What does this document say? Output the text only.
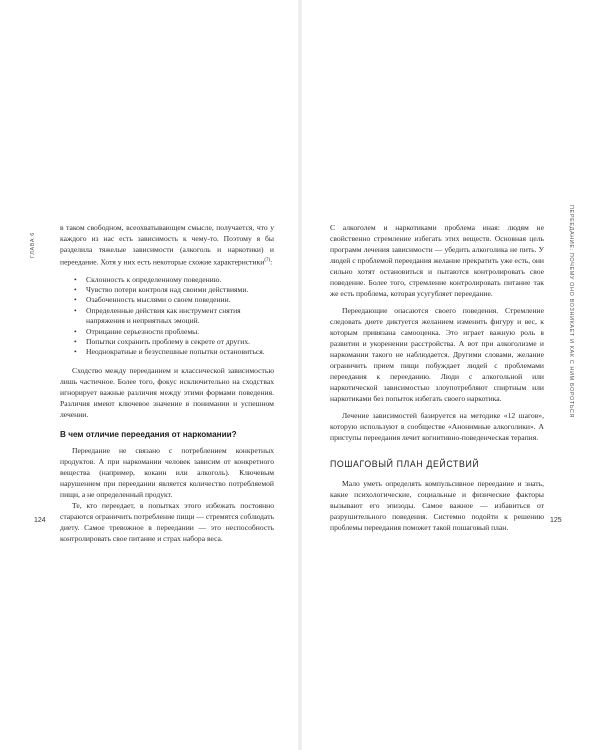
ГЛАВА 6	ПЕРЕЕДАНИЕ: ПОЧЕМУ ОНО ВОЗНИКАЕТ И КАК С НИМ БОРОТЬСЯ
124	125

в таком свободном, всеохватывающем смысле, получается, что у каждого из нас есть зависимость к чему-то. Поэтому я бы разделила тяжелые зависимости (алкоголь и наркотики) и переедание. Хотя у них есть некоторые схожие характеристики$^{(7)}$:

• Склонность к определенному поведению.
• Чувство потери контроля над своими действиями.
• Озабоченность мыслями о своем поведении.
• Определенные действия как инструмент снятия напряжения и неприятных эмоций.
• Отрицание серьезности проблемы.
• Попытки сохранить проблему в секрете от других.
• Неоднократные и безуспешные попытки остановиться.

Сходство между перееданием и классической зависимостью лишь частичное. Более того, фокус исключительно на сходствах игнорирует важные различия между этими формами поведения. Различия имеют ключевое значение в понимании и успешном лечении.

В чем отличие переедания от наркомании?

Переедание не связано с потреблением конкретных продуктов. А при наркомании человек зависим от конкретного вещества (например, кокаин или алкоголь). Ключевым нарушением при переедании является количество потребляемой пищи, а не определенный продукт.

Те, кто переедает, в попытках этого избежать постоянно стараются ограничить потребление пищи — стремятся соблюдать диету. Самое тревожное в переедании — это неспособность контролировать свое питание и страх набора веса.

С алкоголем и наркотиками проблема иная: людям не свойственно стремление избегать этих веществ. Основная цель программ лечения зависимости — убедить алкоголика не пить. У людей с проблемой переедания желание прекратить уже есть, они сильно хотят остановиться и пытаются контролировать свое поведение. Более того, стремление контролировать питание так же есть проблема, которая усугубляет переедание.

Переедающие опасаются своего поведения. Стремление следовать диете диктуется желанием изменить фигуру и вес, к которым привязана самооценка. Это играет важную роль в развитии и укоренении расстройства. А вот при алкоголизме и наркомании такого не наблюдается. Другими словами, желание ограничить прием пищи побуждает людей с проблемами переедания к перееданию. Люди с алкогольной или наркотической зависимостью злоупотребляют спиртным или наркотиками без попыток избегать своего наркотика.

Лечение зависимостей базируется на методике «12 шагов», которую используют в сообществе «Анонимные алкоголики». А приступы переедания лечит когнитивно-поведенческая терапия.

ПОШАГОВЫЙ ПЛАН ДЕЙСТВИЙ

Мало уметь определять компульсивное переедание и знать, какие психологические, социальные и физические факторы вызывают его эпизоды. Самое важное — избавиться от разрушительного поведения. Системно подойти к решению проблемы переедания поможет такой пошаговый план.
